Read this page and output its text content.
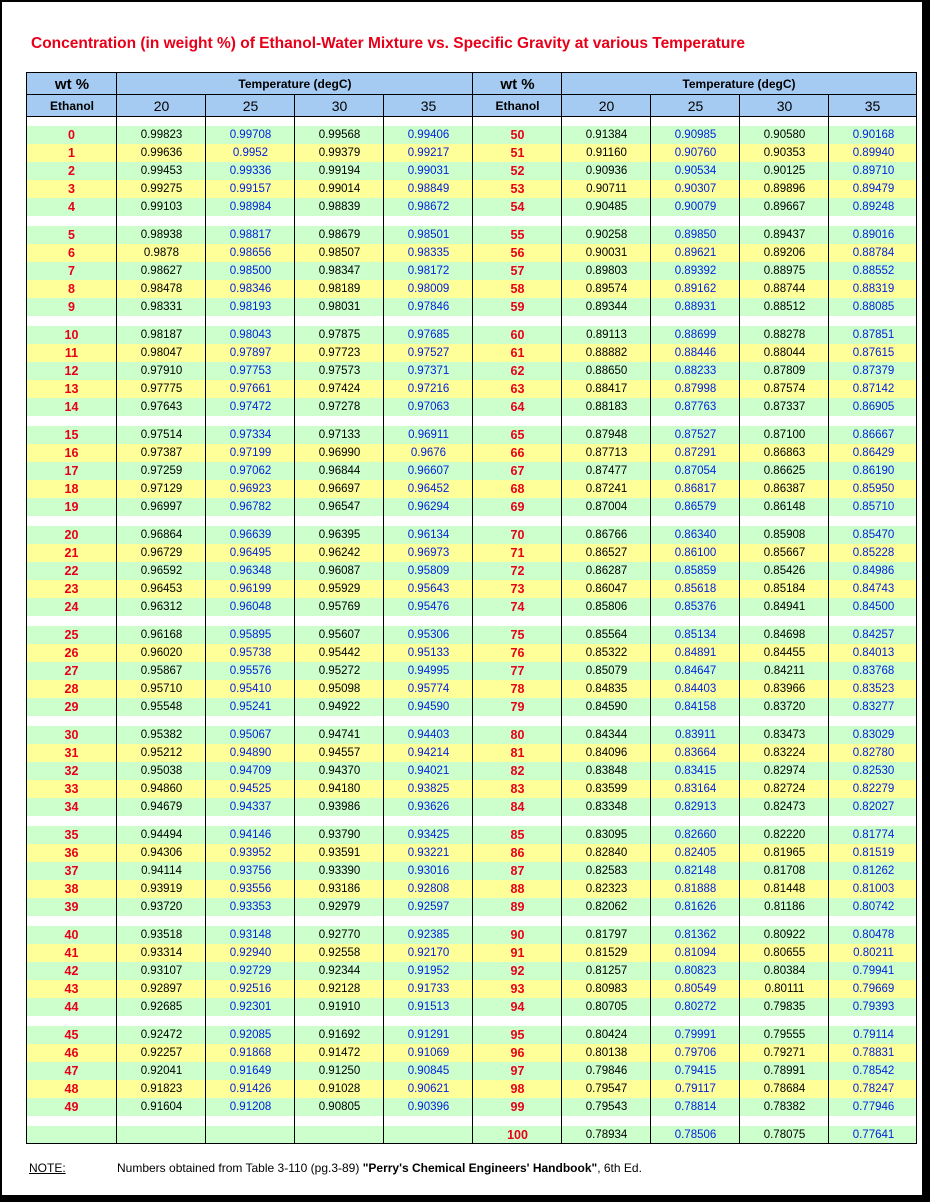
Concentration (in weight %) of Ethanol-Water Mixture vs. Specific Gravity at various Temperature
wt %
Ethanol
Temperature (degC)
20	25	30	35
wt %
Ethanol
Temperature (degC)
20	25	30	35
0	0.99823	0.99708	0.99568	0.99406
1	0.99636	0.9952	0.99379	0.99217
2	0.99453	0.99336	0.99194	0.99031
3	0.99275	0.99157	0.99014	0.98849
4	0.99103	0.98984	0.98839	0.98672
5	0.98938	0.98817	0.98679	0.98501
6	0.9878	0.98656	0.98507	0.98335
7	0.98627	0.98500	0.98347	0.98172
8	0.98478	0.98346	0.98189	0.98009
9	0.98331	0.98193	0.98031	0.97846
10	0.98187	0.98043	0.97875	0.97685
11	0.98047	0.97897	0.97723	0.97527
12	0.97910	0.97753	0.97573	0.97371
13	0.97775	0.97661	0.97424	0.97216
14	0.97643	0.97472	0.97278	0.97063
15	0.97514	0.97334	0.97133	0.96911
16	0.97387	0.97199	0.96990	0.9676
17	0.97259	0.97062	0.96844	0.96607
18	0.97129	0.96923	0.96697	0.96452
19	0.96997	0.96782	0.96547	0.96294
20	0.96864	0.96639	0.96395	0.96134
21	0.96729	0.96495	0.96242	0.96973
22	0.96592	0.96348	0.96087	0.95809
23	0.96453	0.96199	0.95929	0.95643
24	0.96312	0.96048	0.95769	0.95476
25	0.96168	0.95895	0.95607	0.95306
26	0.96020	0.95738	0.95442	0.95133
27	0.95867	0.95576	0.95272	0.94995
28	0.95710	0.95410	0.95098	0.95774
29	0.95548	0.95241	0.94922	0.94590
30	0.95382	0.95067	0.94741	0.94403
31	0.95212	0.94890	0.94557	0.94214
32	0.95038	0.94709	0.94370	0.94021
33	0.94860	0.94525	0.94180	0.93825
34	0.94679	0.94337	0.93986	0.93626
35	0.94494	0.94146	0.93790	0.93425
36	0.94306	0.93952	0.93591	0.93221
37	0.94114	0.93756	0.93390	0.93016
38	0.93919	0.93556	0.93186	0.92808
39	0.93720	0.93353	0.92979	0.92597
40	0.93518	0.93148	0.92770	0.92385
41	0.93314	0.92940	0.92558	0.92170
42	0.93107	0.92729	0.92344	0.91952
43	0.92897	0.92516	0.92128	0.91733
44	0.92685	0.92301	0.91910	0.91513
45	0.92472	0.92085	0.91692	0.91291
46	0.92257	0.91868	0.91472	0.91069
47	0.92041	0.91649	0.91250	0.90845
48	0.91823	0.91426	0.91028	0.90621
49	0.91604	0.91208	0.90805	0.90396
50	0.91384	0.90985	0.90580	0.90168
51	0.91160	0.90760	0.90353	0.89940
52	0.90936	0.90534	0.90125	0.89710
53	0.90711	0.90307	0.89896	0.89479
54	0.90485	0.90079	0.89667	0.89248
55	0.90258	0.89850	0.89437	0.89016
56	0.90031	0.89621	0.89206	0.88784
57	0.89803	0.89392	0.88975	0.88552
58	0.89574	0.89162	0.88744	0.88319
59	0.89344	0.88931	0.88512	0.88085
60	0.89113	0.88699	0.88278	0.87851
61	0.88882	0.88446	0.88044	0.87615
62	0.88650	0.88233	0.87809	0.87379
63	0.88417	0.87998	0.87574	0.87142
64	0.88183	0.87763	0.87337	0.86905
65	0.87948	0.87527	0.87100	0.86667
66	0.87713	0.87291	0.86863	0.86429
67	0.87477	0.87054	0.86625	0.86190
68	0.87241	0.86817	0.86387	0.85950
69	0.87004	0.86579	0.86148	0.85710
70	0.86766	0.86340	0.85908	0.85470
71	0.86527	0.86100	0.85667	0.85228
72	0.86287	0.85859	0.85426	0.84986
73	0.86047	0.85618	0.85184	0.84743
74	0.85806	0.85376	0.84941	0.84500
75	0.85564	0.85134	0.84698	0.84257
76	0.85322	0.84891	0.84455	0.84013
77	0.85079	0.84647	0.84211	0.83768
78	0.84835	0.84403	0.83966	0.83523
79	0.84590	0.84158	0.83720	0.83277
80	0.84344	0.83911	0.83473	0.83029
81	0.84096	0.83664	0.83224	0.82780
82	0.83848	0.83415	0.82974	0.82530
83	0.83599	0.83164	0.82724	0.82279
84	0.83348	0.82913	0.82473	0.82027
85	0.83095	0.82660	0.82220	0.81774
86	0.82840	0.82405	0.81965	0.81519
87	0.82583	0.82148	0.81708	0.81262
88	0.82323	0.81888	0.81448	0.81003
89	0.82062	0.81626	0.81186	0.80742
90	0.81797	0.81362	0.80922	0.80478
91	0.81529	0.81094	0.80655	0.80211
92	0.81257	0.80823	0.80384	0.79941
93	0.80983	0.80549	0.80111	0.79669
94	0.80705	0.80272	0.79835	0.79393
95	0.80424	0.79991	0.79555	0.79114
96	0.80138	0.79706	0.79271	0.78831
97	0.79846	0.79415	0.78991	0.78542
98	0.79547	0.79117	0.78684	0.78247
99	0.79543	0.78814	0.78382	0.77946
100	0.78934	0.78506	0.78075	0.77641
NOTE:	Numbers obtained from Table 3-110 (pg.3-89) "Perry's Chemical Engineers' Handbook", 6th Ed.
